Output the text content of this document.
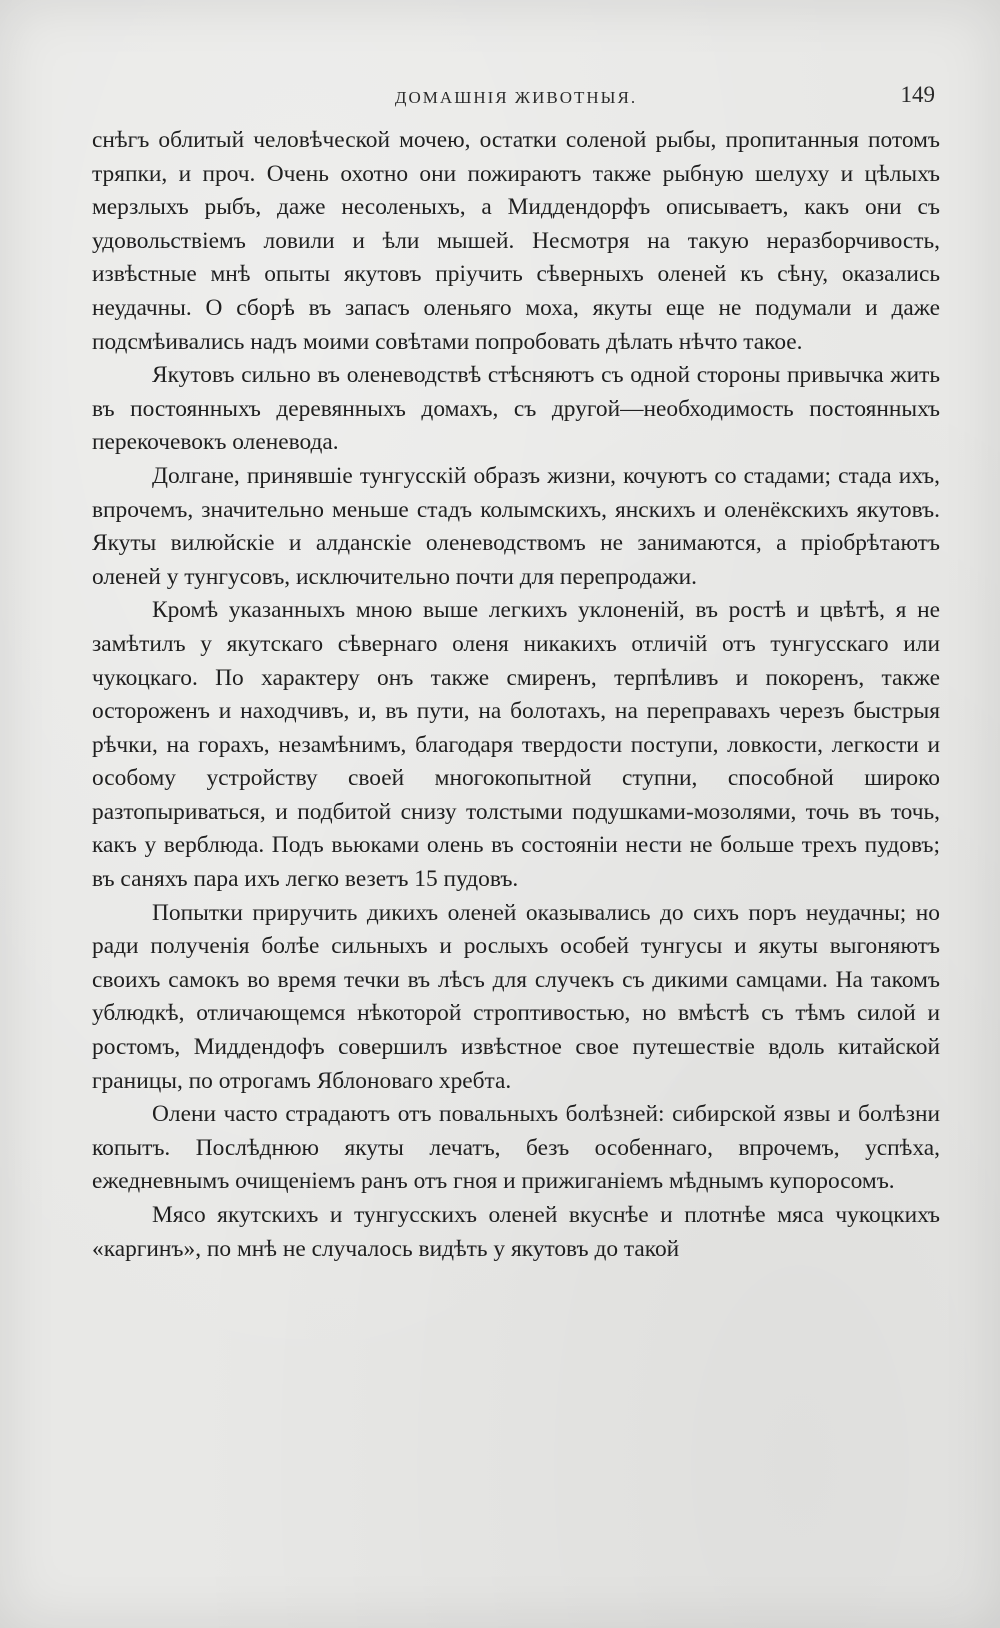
ДОМАШНІЯ ЖИВОТНЫЯ.	149

снѣгъ облитый человѣческой мочею, остатки соленой рыбы, пропитанныя потомъ тряпки, и проч. Очень охотно они пожираютъ также рыбную шелуху и цѣлыхъ мерзлыхъ рыбъ, даже несоленыхъ, а Миддендорфъ описываетъ, какъ они съ удовольствіемъ ловили и ѣли мышей. Несмотря на такую неразборчивость, извѣстные мнѣ опыты якутовъ пріучить сѣверныхъ оленей къ сѣну, оказались неудачны. О сборѣ въ запасъ оленьяго моха, якуты еще не подумали и даже подсмѣивались надъ моими совѣтами попробовать дѣлать нѣчто такое.

Якутовъ сильно въ оленеводствѣ стѣсняютъ съ одной стороны привычка жить въ постоянныхъ деревянныхъ домахъ, съ другой—необходимость постоянныхъ перекочевокъ оленевода.

Долгане, принявшіе тунгусскій образъ жизни, кочуютъ со стадами; стада ихъ, впрочемъ, значительно меньше стадъ колымскихъ, янскихъ и оленёкскихъ якутовъ. Якуты вилюйскіе и алданскіе оленеводствомъ не занимаются, а пріобрѣтаютъ оленей у тунгусовъ, исключительно почти для перепродажи.

Кромѣ указанныхъ мною выше легкихъ уклоненій, въ ростѣ и цвѣтѣ, я не замѣтилъ у якутскаго сѣвернаго оленя никакихъ отличій отъ тунгусскаго или чукоцкаго. По характеру онъ также смиренъ, терпѣливъ и покоренъ, также остороженъ и находчивъ, и, въ пути, на болотахъ, на переправахъ черезъ быстрыя рѣчки, на горахъ, незамѣнимъ, благодаря твердости поступи, ловкости, легкости и особому устройству своей многокопытной ступни, способной широко разтопыриваться, и подбитой снизу толстыми подушками-мозолями, точь въ точь, какъ у верблюда. Подъ вьюками олень въ состояніи нести не больше трехъ пудовъ; въ саняхъ пара ихъ легко везетъ 15 пудовъ.

Попытки приручить дикихъ оленей оказывались до сихъ поръ неудачны; но ради полученія болѣе сильныхъ и рослыхъ особей тунгусы и якуты выгоняютъ своихъ самокъ во время течки въ лѣсъ для случекъ съ дикими самцами. На такомъ ублюдкѣ, отличающемся нѣкоторой строптивостью, но вмѣстѣ съ тѣмъ силой и ростомъ, Миддендофъ совершилъ извѣстное свое путешествіе вдоль китайской границы, по отрогамъ Яблоноваго хребта.

Олени часто страдаютъ отъ повальныхъ болѣзней: сибирской язвы и болѣзни копытъ. Послѣднюю якуты лечатъ, безъ особеннаго, впрочемъ, успѣха, ежедневнымъ очищеніемъ ранъ отъ гноя и прижиганіемъ мѣднымъ купоросомъ.

Мясо якутскихъ и тунгусскихъ оленей вкуснѣе и плотнѣе мяса чукоцкихъ «каргинъ», по мнѣ не случалось видѣть у якутовъ до такой
